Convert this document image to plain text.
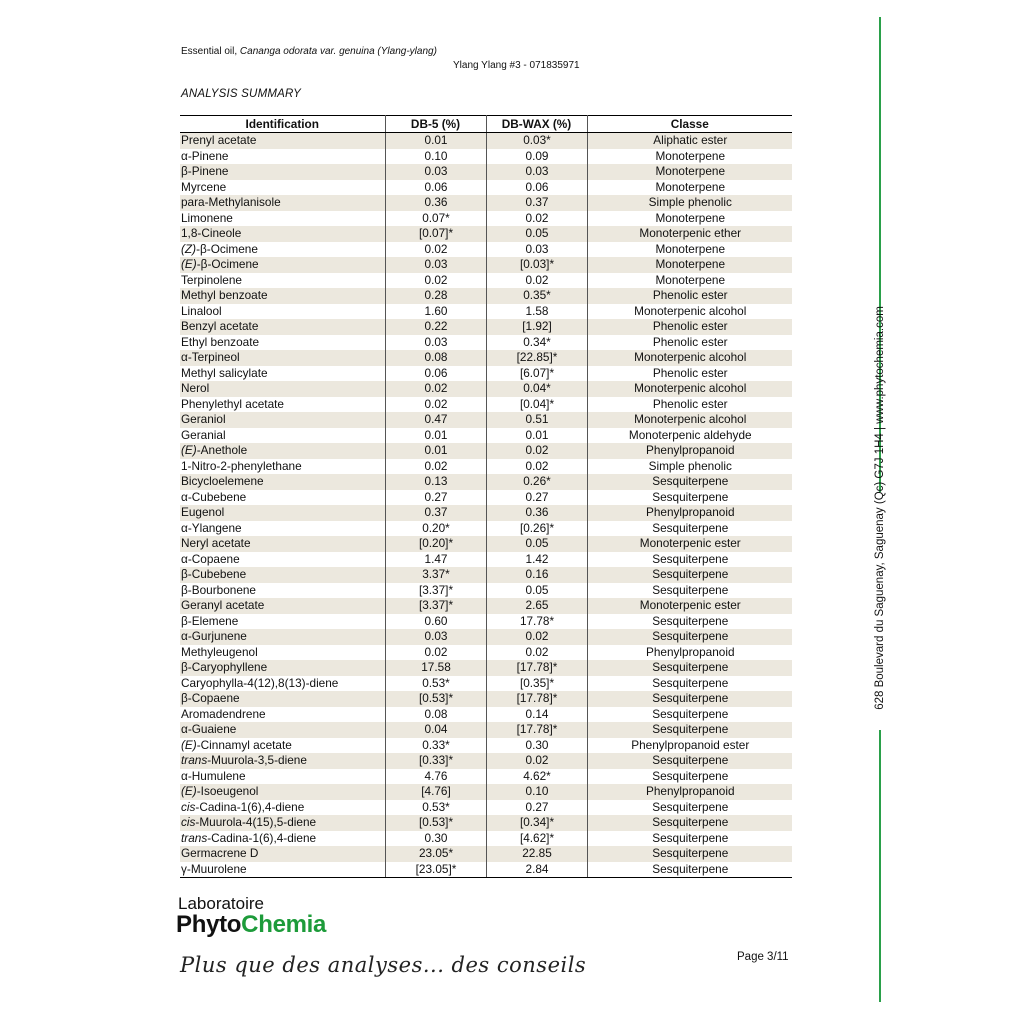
Essential oil, Cananga odorata var. genuina (Ylang-ylang)
Ylang Ylang #3 - 071835971
ANALYSIS SUMMARY
Identification	DB-5 (%)	DB-WAX (%)	Classe
Prenyl acetate	0.01	0.03*	Aliphatic ester
α-Pinene	0.10	0.09	Monoterpene
β-Pinene	0.03	0.03	Monoterpene
Myrcene	0.06	0.06	Monoterpene
para-Methylanisole	0.36	0.37	Simple phenolic
Limonene	0.07*	0.02	Monoterpene
1,8-Cineole	[0.07]*	0.05	Monoterpenic ether
(Z)-β-Ocimene	0.02	0.03	Monoterpene
(E)-β-Ocimene	0.03	[0.03]*	Monoterpene
Terpinolene	0.02	0.02	Monoterpene
Methyl benzoate	0.28	0.35*	Phenolic ester
Linalool	1.60	1.58	Monoterpenic alcohol
Benzyl acetate	0.22	[1.92]	Phenolic ester
Ethyl benzoate	0.03	0.34*	Phenolic ester
α-Terpineol	0.08	[22.85]*	Monoterpenic alcohol
Methyl salicylate	0.06	[6.07]*	Phenolic ester
Nerol	0.02	0.04*	Monoterpenic alcohol
Phenylethyl acetate	0.02	[0.04]*	Phenolic ester
Geraniol	0.47	0.51	Monoterpenic alcohol
Geranial	0.01	0.01	Monoterpenic aldehyde
(E)-Anethole	0.01	0.02	Phenylpropanoid
1-Nitro-2-phenylethane	0.02	0.02	Simple phenolic
Bicycloelemene	0.13	0.26*	Sesquiterpene
α-Cubebene	0.27	0.27	Sesquiterpene
Eugenol	0.37	0.36	Phenylpropanoid
α-Ylangene	0.20*	[0.26]*	Sesquiterpene
Neryl acetate	[0.20]*	0.05	Monoterpenic ester
α-Copaene	1.47	1.42	Sesquiterpene
β-Cubebene	3.37*	0.16	Sesquiterpene
β-Bourbonene	[3.37]*	0.05	Sesquiterpene
Geranyl acetate	[3.37]*	2.65	Monoterpenic ester
β-Elemene	0.60	17.78*	Sesquiterpene
α-Gurjunene	0.03	0.02	Sesquiterpene
Methyleugenol	0.02	0.02	Phenylpropanoid
β-Caryophyllene	17.58	[17.78]*	Sesquiterpene
Caryophylla-4(12),8(13)-diene	0.53*	[0.35]*	Sesquiterpene
β-Copaene	[0.53]*	[17.78]*	Sesquiterpene
Aromadendrene	0.08	0.14	Sesquiterpene
α-Guaiene	0.04	[17.78]*	Sesquiterpene
(E)-Cinnamyl acetate	0.33*	0.30	Phenylpropanoid ester
trans-Muurola-3,5-diene	[0.33]*	0.02	Sesquiterpene
α-Humulene	4.76	4.62*	Sesquiterpene
(E)-Isoeugenol	[4.76]	0.10	Phenylpropanoid
cis-Cadina-1(6),4-diene	0.53*	0.27	Sesquiterpene
cis-Muurola-4(15),5-diene	[0.53]*	[0.34]*	Sesquiterpene
trans-Cadina-1(6),4-diene	0.30	[4.62]*	Sesquiterpene
Germacrene D	23.05*	22.85	Sesquiterpene
γ-Muurolene	[23.05]*	2.84	Sesquiterpene
Laboratoire
PhytoChemia
Plus que des analyses... des conseils	Page 3/11
628 Boulevard du Saguenay, Saguenay (Qc) G7J 1H4 | www.phytochemia.com
